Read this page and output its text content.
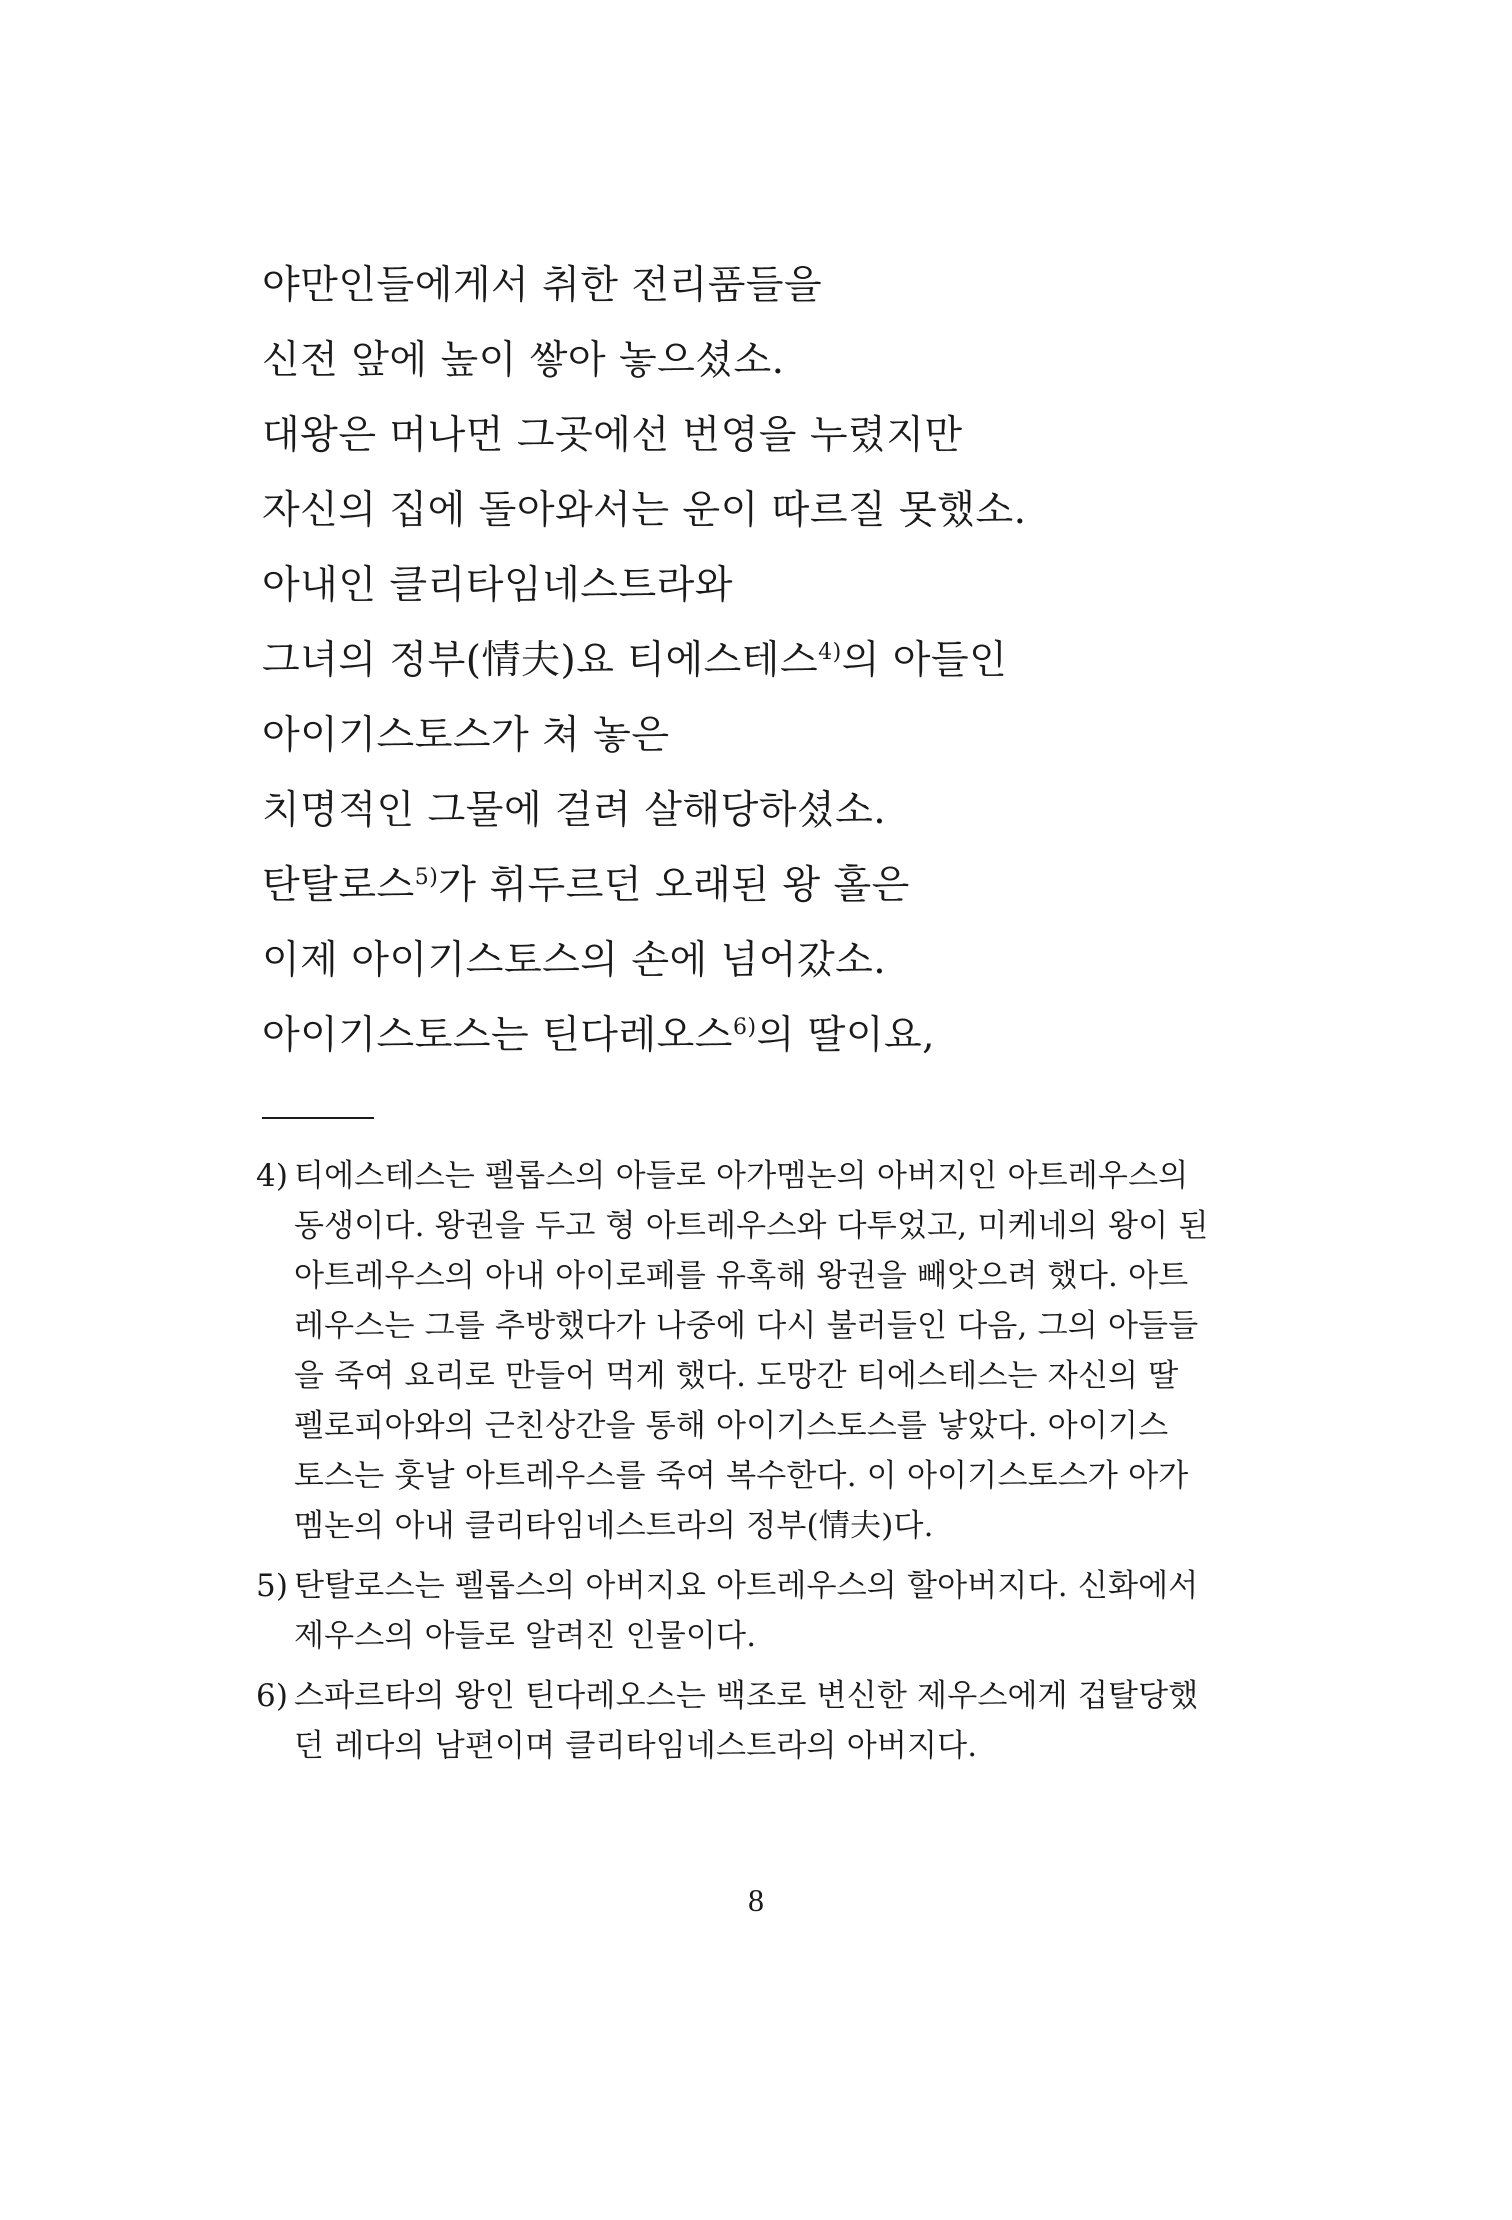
야만인들에게서 취한 전리품들을
신전 앞에 높이 쌓아 놓으셨소.
대왕은 머나먼 그곳에선 번영을 누렸지만
자신의 집에 돌아와서는 운이 따르질 못했소.
아내인 클리타임네스트라와
그녀의 정부(情夫)요 티에스테스$^{4)}$의 아들인
아이기스토스가 쳐 놓은
치명적인 그물에 걸려 살해당하셨소.
탄탈로스$^{5)}$가 휘두르던 오래된 왕 홀은
이제 아이기스토스의 손에 넘어갔소.
아이기스토스는 틴다레오스$^{6)}$의 딸이요,
4) 티에스테스는 펠롭스의 아들로 아가멤논의 아버지인 아트레우스의
동생이다. 왕권을 두고 형 아트레우스와 다투었고, 미케네의 왕이 된
아트레우스의 아내 아이로페를 유혹해 왕권을 빼앗으려 했다. 아트
레우스는 그를 추방했다가 나중에 다시 불러들인 다음, 그의 아들들
을 죽여 요리로 만들어 먹게 했다. 도망간 티에스테스는 자신의 딸
펠로피아와의 근친상간을 통해 아이기스토스를 낳았다. 아이기스
토스는 훗날 아트레우스를 죽여 복수한다. 이 아이기스토스가 아가
멤논의 아내 클리타임네스트라의 정부(情夫)다.
5) 탄탈로스는 펠롭스의 아버지요 아트레우스의 할아버지다. 신화에서
제우스의 아들로 알려진 인물이다.
6) 스파르타의 왕인 틴다레오스는 백조로 변신한 제우스에게 겁탈당했
던 레다의 남편이며 클리타임네스트라의 아버지다.
8
